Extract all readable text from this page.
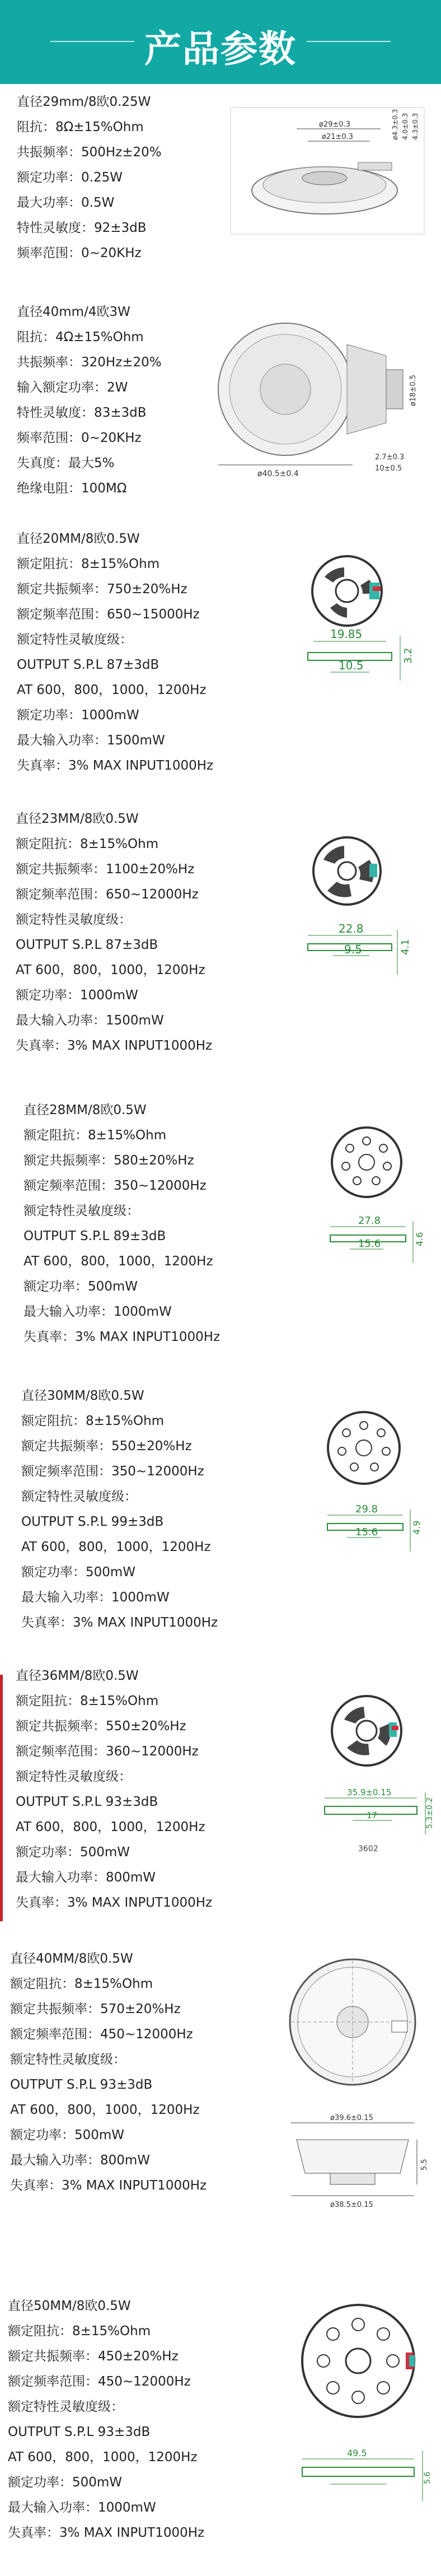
产品参数
直径29mm/8欧0.25W
阻抗：8Ω±15%Ohm
共振频率：500Hz±20%
额定功率：0.25W
最大功率：0.5W
特性灵敏度：92±3dB
频率范围：0~20KHz
ø29±0.3
ø21±0.3	ø4.3±0.3 4.0±0.3 4.3±0.3
直径40mm/4欧3W
阻抗：4Ω±15%Ohm
共振频率：320Hz±20%
输入额定功率：2W
特性灵敏度：83±3dB
频率范围：0~20KHz
失真度：最大5%
绝缘电阻：100MΩ
ø40.5±0.4
ø18±0.5
2.7±0.3
10±0.5
直径20MM/8欧0.5W
额定阻抗：8±15%Ohm
额定共振频率：750±20%Hz
额定频率范围：650~15000Hz
额定特性灵敏度级：
OUTPUT S.P.L 87±3dB
AT 600，800，1000，1200Hz
额定功率：1000mW
最大输入功率：1500mW
失真率：3% MAX INPUT1000Hz
19.85
10.5
3.2
直径23MM/8欧0.5W
额定阻抗：8±15%Ohm
额定共振频率：1100±20%Hz
额定频率范围：650~12000Hz
额定特性灵敏度级：
OUTPUT S.P.L 87±3dB
AT 600，800，1000，1200Hz
额定功率：1000mW
最大输入功率：1500mW
失真率：3% MAX INPUT1000Hz
22.8
9.5	4.1
直径28MM/8欧0.5W
额定阻抗：8±15%Ohm
额定共振频率：580±20%Hz
额定频率范围：350~12000Hz
额定特性灵敏度级：
OUTPUT S.P.L 89±3dB
AT 600，800，1000，1200Hz
额定功率：500mW
最大输入功率：1000mW
失真率：3% MAX INPUT1000Hz
27.8
15.6	4.6
直径30MM/8欧0.5W
额定阻抗：8±15%Ohm
额定共振频率：550±20%Hz
额定频率范围：350~12000Hz
额定特性灵敏度级：
OUTPUT S.P.L 99±3dB
AT 600，800，1000，1200Hz
额定功率：500mW
最大输入功率：1000mW
失真率：3% MAX INPUT1000Hz
29.8
15.6	4.9
直径36MM/8欧0.5W
额定阻抗：8±15%Ohm
额定共振频率：550±20%Hz
额定频率范围：360~12000Hz
额定特性灵敏度级：
OUTPUT S.P.L 93±3dB
AT 600，800，1000，1200Hz
额定功率：500mW
最大输入功率：800mW
失真率：3% MAX INPUT1000Hz
35.9±0.15
17	5.3±0.2
3602
直径40MM/8欧0.5W
额定阻抗：8±15%Ohm
额定共振频率：570±20%Hz
额定频率范围：450~12000Hz
额定特性灵敏度级：
OUTPUT S.P.L 93±3dB
AT 600，800，1000，1200Hz
额定功率：500mW
最大输入功率：800mW
失真率：3% MAX INPUT1000Hz
ø39.6±0.15
5.5
ø38.5±0.15
直径50MM/8欧0.5W
额定阻抗：8±15%Ohm
额定共振频率：450±20%Hz
额定频率范围：450~12000Hz
额定特性灵敏度级：
OUTPUT S.P.L 93±3dB
AT 600，800，1000，1200Hz
额定功率：500mW
最大输入功率：1000mW
失真率：3% MAX INPUT1000Hz
49.5
5.6
